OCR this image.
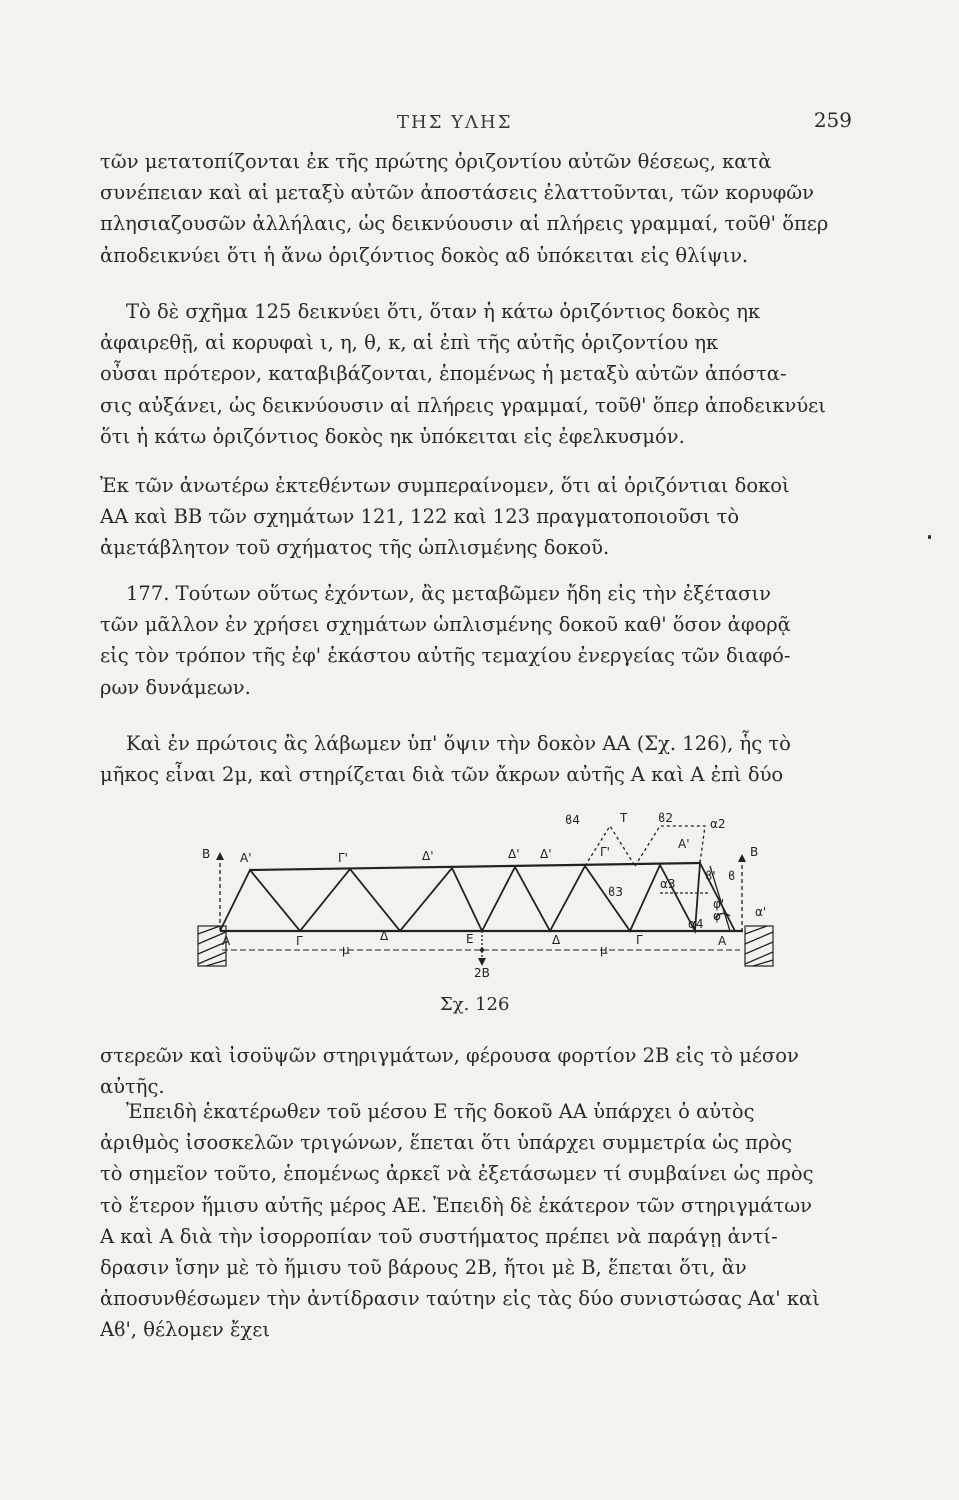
ΤΗΣ ΥΛΗΣ	259
τῶν μετατοπίζονται ἐκ τῆς πρώτης ὁριζοντίου αὐτῶν θέσεως, κατὰ
συνέπειαν καὶ αἱ μεταξὺ αὐτῶν ἀποστάσεις ἐλαττοῦνται, τῶν κορυφῶν
πλησιαζουσῶν ἀλλήλαις, ὡς δεικνύουσιν αἱ πλήρεις γραμμαί, τοῦθ' ὅπερ
ἀποδεικνύει ὅτι ἡ ἄνω ὁριζόντιος δοκὸς αδ ὑπόκειται εἰς θλίψιν.
Τὸ δὲ σχῆμα 125 δεικνύει ὅτι, ὅταν ἡ κάτω ὁριζόντιος δοκὸς ηκ
ἀφαιρεθῇ, αἱ κορυφαὶ ι, η, θ, κ, αἱ ἐπὶ τῆς αὐτῆς ὁριζοντίου ηκ
οὖσαι πρότερον, καταβιβάζονται, ἑπομένως ἡ μεταξὺ αὐτῶν ἀπόστα-
σις αὐξάνει, ὡς δεικνύουσιν αἱ πλήρεις γραμμαί, τοῦθ' ὅπερ ἀποδεικνύει
ὅτι ἡ κάτω ὁριζόντιος δοκὸς ηκ ὑπόκειται εἰς ἐφελκυσμόν.
Ἐκ τῶν ἀνωτέρω ἐκτεθέντων συμπεραίνομεν, ὅτι αἱ ὁριζόντιαι δοκοὶ
ΑΑ καὶ ΒΒ τῶν σχημάτων 121, 122 καὶ 123 πραγματοποιοῦσι τὸ
ἀμετάβλητον τοῦ σχήματος τῆς ὡπλισμένης δοκοῦ.
177. Τούτων οὕτως ἐχόντων, ἂς μεταβῶμεν ἤδη εἰς τὴν ἐξέτασιν
τῶν μᾶλλον ἐν χρήσει σχημάτων ὡπλισμένης δοκοῦ καθ' ὅσον ἀφορᾷ
εἰς τὸν τρόπον τῆς ἐφ' ἑκάστου αὐτῆς τεμαχίου ἐνεργείας τῶν διαφό-
ρων δυνάμεων.
Καὶ ἐν πρώτοις ἂς λάβωμεν ὑπ' ὄψιν τὴν δοκὸν ΑΑ (Σχ. 126), ἧς τὸ
μῆκος εἶναι 2μ, καὶ στηρίζεται διὰ τῶν ἄκρων αὐτῆς Α καὶ Α ἐπὶ δύο
Β Α'	Γ'	Δ'	Δ' Δ'	Γ'
Α'
Β
ϐ4	Τ	ϐ2	α2
ϐ3
α3
α4
ϐ' ϐ
φ
φ'
α'
Α	Γ	Δ	Ε	Δ	Γ	Α
μ	μ
2Β
Σχ. 126
στερεῶν καὶ ἰσοϋψῶν στηριγμάτων, φέρουσα φορτίον 2Β εἰς τὸ μέσον
αὐτῆς.
Ἐπειδὴ ἑκατέρωθεν τοῦ μέσου Ε τῆς δοκοῦ ΑΑ ὑπάρχει ὁ αὐτὸς
ἀριθμὸς ἰσοσκελῶν τριγώνων, ἕπεται ὅτι ὑπάρχει συμμετρία ὡς πρὸς
τὸ σημεῖον τοῦτο, ἑπομένως ἀρκεῖ νὰ ἐξετάσωμεν τί συμβαίνει ὡς πρὸς
τὸ ἕτερον ἥμισυ αὐτῆς μέρος ΑΕ. Ἐπειδὴ δὲ ἑκάτερον τῶν στηριγμάτων
Α καὶ Α διὰ τὴν ἰσορροπίαν τοῦ συστήματος πρέπει νὰ παράγῃ ἀντί-
δρασιν ἴσην μὲ τὸ ἥμισυ τοῦ βάρους 2Β, ἤτοι μὲ Β, ἕπεται ὅτι, ἂν
ἀποσυνθέσωμεν τὴν ἀντίδρασιν ταύτην εἰς τὰς δύο συνιστώσας Αα' καὶ
Αϐ', θέλομεν ἔχει
